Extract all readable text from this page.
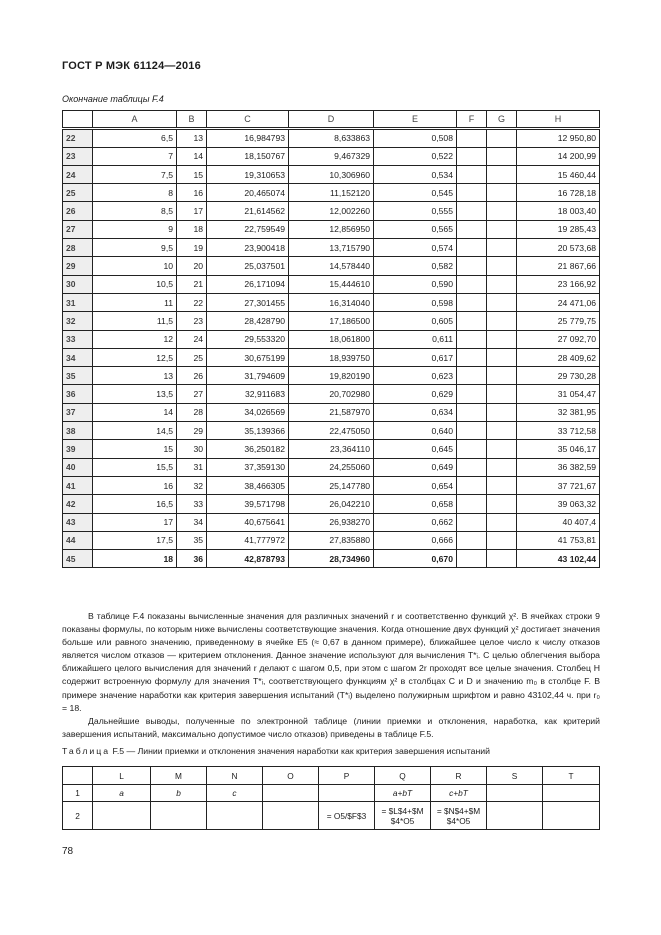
ГОСТ Р МЭК 61124—2016
Окончание таблицы F.4
	A	B	C	D	E	F	G	H
22	6,5	13	16,984793	8,633863	0,508			12 950,80
23	7	14	18,150767	9,467329	0,522			14 200,99
24	7,5	15	19,310653	10,306960	0,534			15 460,44
25	8	16	20,465074	11,152120	0,545			16 728,18
26	8,5	17	21,614562	12,002260	0,555			18 003,40
27	9	18	22,759549	12,856950	0,565			19 285,43
28	9,5	19	23,900418	13,715790	0,574			20 573,68
29	10	20	25,037501	14,578440	0,582			21 867,66
30	10,5	21	26,171094	15,444610	0,590			23 166,92
31	11	22	27,301455	16,314040	0,598			24 471,06
32	11,5	23	28,428790	17,186500	0,605			25 779,75
33	12	24	29,553320	18,061800	0,611			27 092,70
34	12,5	25	30,675199	18,939750	0,617			28 409,62
35	13	26	31,794609	19,820190	0,623			29 730,28
36	13,5	27	32,911683	20,702980	0,629			31 054,47
37	14	28	34,026569	21,587970	0,634			32 381,95
38	14,5	29	35,139366	22,475050	0,640			33 712,58
39	15	30	36,250182	23,364110	0,645			35 046,17
40	15,5	31	37,359130	24,255060	0,649			36 382,59
41	16	32	38,466305	25,147780	0,654			37 721,67
42	16,5	33	39,571798	26,042210	0,658			39 063,32
43	17	34	40,675641	26,938270	0,662			40 407,4
44	17,5	35	41,777972	27,835880	0,666			41 753,81
45	18	36	42,878793	28,734960	0,670			43 102,44

В таблице F.4 показаны вычисленные значения для различных значений r и соответственно функций χ². В ячейках строки 9 показаны формулы, по которым ниже вычислены соответствующие значения. Когда отношение двух функций χ² достигает значения больше или равного значению, приведенному в ячейке E5 (≈ 0,67 в данном примере), ближайшее целое число к числу отказов является числом отказов — критерием отклонения. Данное значение используют для вычисления T*ᵢ. С целью облегчения выбора ближайшего целого вычисления для значений r делают с шагом 0,5, при этом с шагом 2r проходят все целые значения. Столбец H содержит встроенную формулу для значения T*ᵢ, соответствующего функциям χ² в столбцах C и D и значению m₀ в столбце F. В примере значение наработки как критерия завершения испытаний (T*ᵢ) выделено полужирным шрифтом и равно 43102,44 ч. при r₀ = 18.

Дальнейшие выводы, полученные по электронной таблице (линии приемки и отклонения, наработка, как критерий завершения испытаний, максимально допустимое число отказов) приведены в таблице F.5.

Таблица F.5 — Линии приемки и отклонения значения наработки как критерия завершения испытаний
	L	M	N	O	P	Q	R	S	T
1	a	b	c			a+bT	c+bT		
2					= O5/$F$3	= $L$4+$M $4*O5	= $N$4+$M $4*O5		
78
